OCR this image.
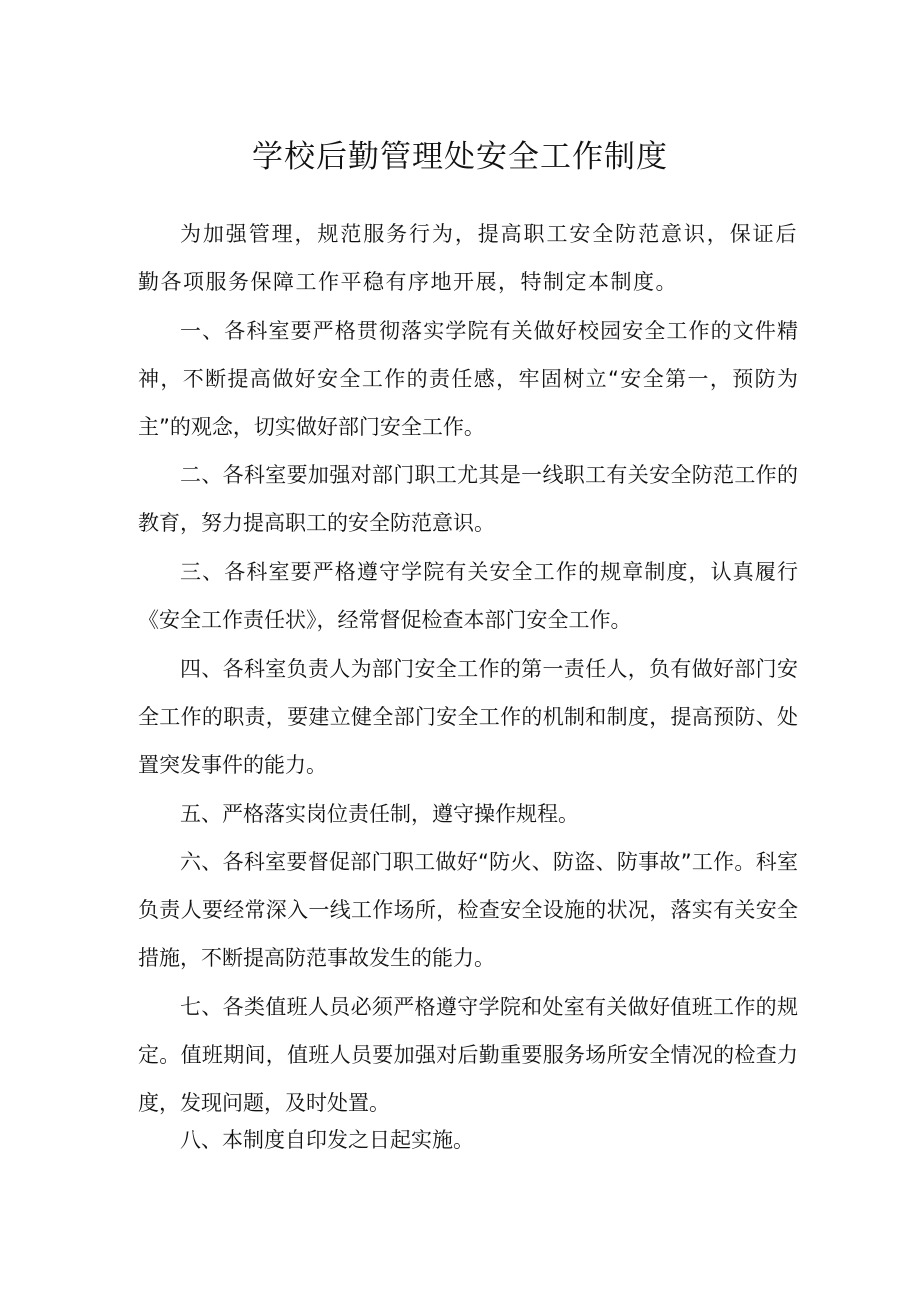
学校后勤管理处安全工作制度

为加强管理，规范服务行为，提高职工安全防范意识，保证后勤各项服务保障工作平稳有序地开展，特制定本制度。

一、各科室要严格贯彻落实学院有关做好校园安全工作的文件精神，不断提高做好安全工作的责任感，牢固树立“安全第一，预防为主”的观念，切实做好部门安全工作。

二、各科室要加强对部门职工尤其是一线职工有关安全防范工作的教育，努力提高职工的安全防范意识。

三、各科室要严格遵守学院有关安全工作的规章制度，认真履行《安全工作责任状》，经常督促检查本部门安全工作。

四、各科室负责人为部门安全工作的第一责任人，负有做好部门安全工作的职责，要建立健全部门安全工作的机制和制度，提高预防、处置突发事件的能力。

五、严格落实岗位责任制，遵守操作规程。

六、各科室要督促部门职工做好“防火、防盗、防事故”工作。科室负责人要经常深入一线工作场所，检查安全设施的状况，落实有关安全措施，不断提高防范事故发生的能力。

七、各类值班人员必须严格遵守学院和处室有关做好值班工作的规定。值班期间，值班人员要加强对后勤重要服务场所安全情况的检查力度，发现问题，及时处置。

八、本制度自印发之日起实施。
